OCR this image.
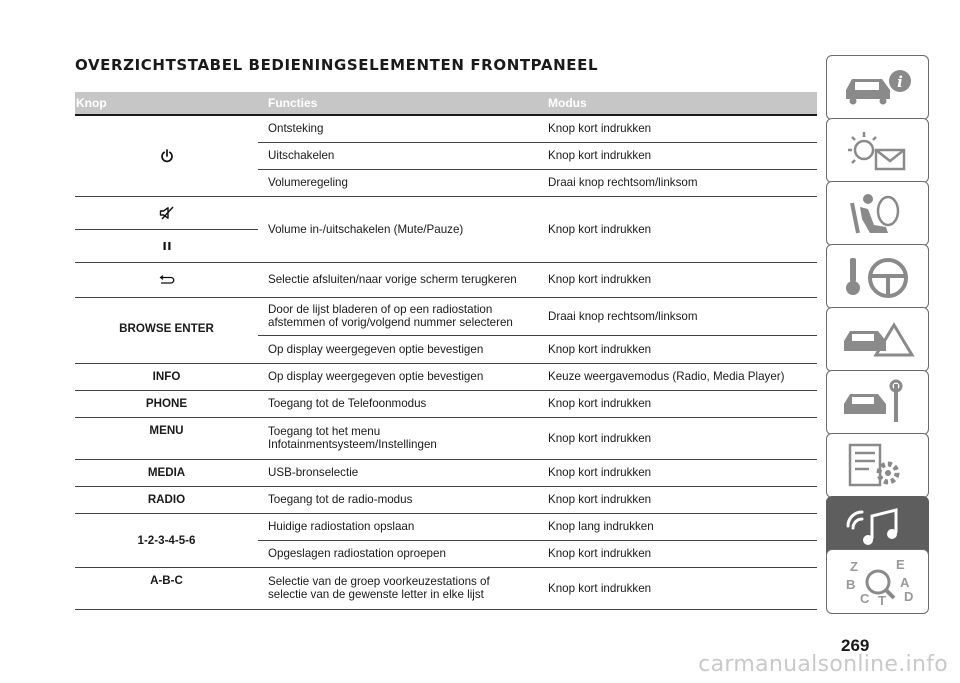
OVERZICHTSTABEL BEDIENINGSELEMENTEN FRONTPANEEL
Knop	Functies	Modus
	Ontsteking	Knop kort indrukken
	Uitschakelen	Knop kort indrukken
	Volumeregeling	Draai knop rechtsom/linksom
	Volume in-/uitschakelen (Mute/Pauze)	Knop kort indrukken

	Selectie afsluiten/naar vorige scherm terugkeren	Knop kort indrukken
BROWSE ENTER	Door de lijst bladeren of op een radiostation afstemmen of vorig/volgend nummer selecteren	Draai knop rechtsom/linksom
	Op display weergegeven optie bevestigen	Knop kort indrukken
INFO	Op display weergegeven optie bevestigen	Keuze weergavemodus (Radio, Media Player)
PHONE	Toegang tot de Telefoonmodus	Knop kort indrukken
MENU	Toegang tot het menu Infotainmentsysteem/Instellingen	Knop kort indrukken
MEDIA	USB-bronselectie	Knop kort indrukken
RADIO	Toegang tot de radio-modus	Knop kort indrukken
1-2-3-4-5-6	Huidige radiostation opslaan	Knop lang indrukken
	Opgeslagen radiostation oproepen	Knop kort indrukken
A-B-C	Selectie van de groep voorkeuzestations of selectie van de gewenste letter in elke lijst	Knop kort indrukken
269
i
Z	E
B	A
C T D
carmanualsonline.info
